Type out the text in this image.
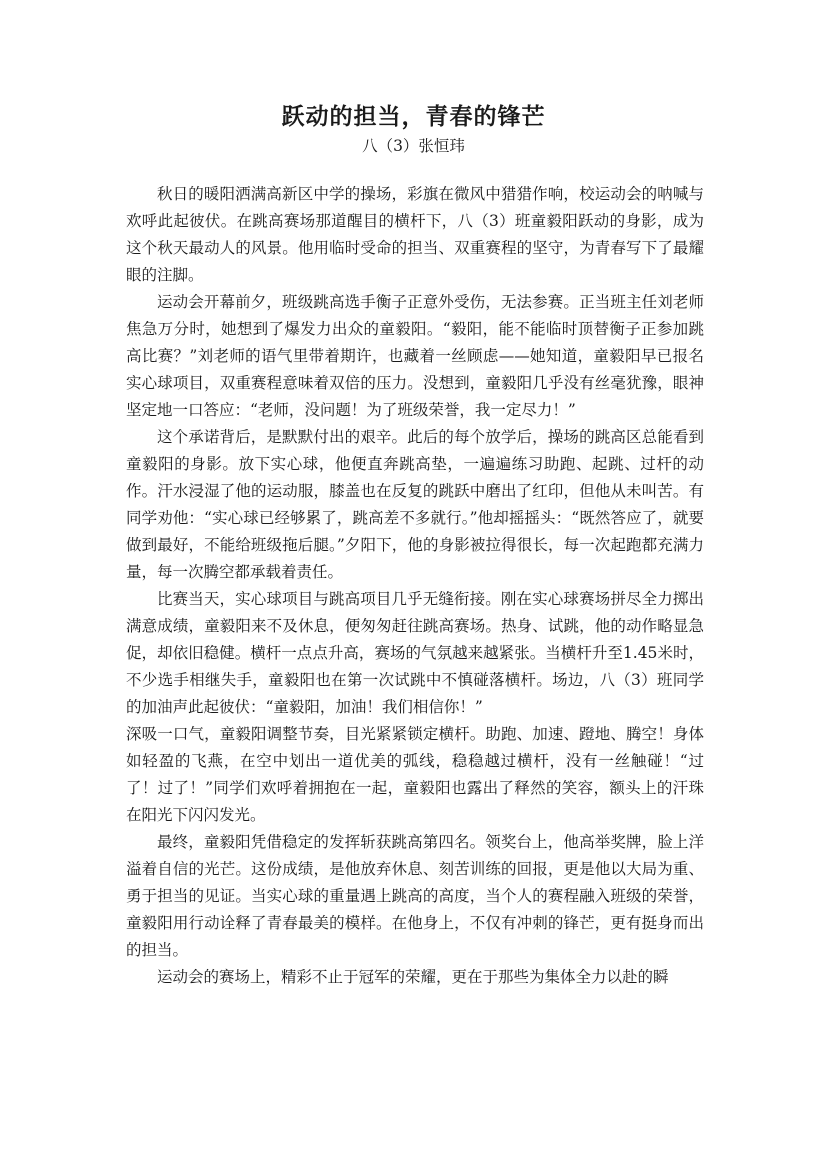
跃动的担当，青春的锋芒

八（3）张恒玮

秋日的暖阳洒满高新区中学的操场，彩旗在微风中猎猎作响，校运动会的呐喊与欢呼此起彼伏。在跳高赛场那道醒目的横杆下，八（3）班童毅阳跃动的身影，成为这个秋天最动人的风景。他用临时受命的担当、双重赛程的坚守，为青春写下了最耀眼的注脚。

运动会开幕前夕，班级跳高选手衡子正意外受伤，无法参赛。正当班主任刘老师焦急万分时，她想到了爆发力出众的童毅阳。“毅阳，能不能临时顶替衡子正参加跳高比赛？”刘老师的语气里带着期许，也藏着一丝顾虑——她知道，童毅阳早已报名实心球项目，双重赛程意味着双倍的压力。没想到，童毅阳几乎没有丝毫犹豫，眼神坚定地一口答应：“老师，没问题！为了班级荣誉，我一定尽力！”

这个承诺背后，是默默付出的艰辛。此后的每个放学后，操场的跳高区总能看到童毅阳的身影。放下实心球，他便直奔跳高垫，一遍遍练习助跑、起跳、过杆的动作。汗水浸湿了他的运动服，膝盖也在反复的跳跃中磨出了红印，但他从未叫苦。有同学劝他：“实心球已经够累了，跳高差不多就行。”他却摇摇头：“既然答应了，就要做到最好，不能给班级拖后腿。”夕阳下，他的身影被拉得很长，每一次起跑都充满力量，每一次腾空都承载着责任。

比赛当天，实心球项目与跳高项目几乎无缝衔接。刚在实心球赛场拼尽全力掷出满意成绩，童毅阳来不及休息，便匆匆赶往跳高赛场。热身、试跳，他的动作略显急促，却依旧稳健。横杆一点点升高，赛场的气氛越来越紧张。当横杆升至1.45米时，不少选手相继失手，童毅阳也在第一次试跳中不慎碰落横杆。场边，八（3）班同学的加油声此起彼伏：“童毅阳，加油！我们相信你！”

深吸一口气，童毅阳调整节奏，目光紧紧锁定横杆。助跑、加速、蹬地、腾空！身体如轻盈的飞燕，在空中划出一道优美的弧线，稳稳越过横杆，没有一丝触碰！“过了！过了！”同学们欢呼着拥抱在一起，童毅阳也露出了释然的笑容，额头上的汗珠在阳光下闪闪发光。

最终，童毅阳凭借稳定的发挥斩获跳高第四名。领奖台上，他高举奖牌，脸上洋溢着自信的光芒。这份成绩，是他放弃休息、刻苦训练的回报，更是他以大局为重、勇于担当的见证。当实心球的重量遇上跳高的高度，当个人的赛程融入班级的荣誉，童毅阳用行动诠释了青春最美的模样。在他身上，不仅有冲刺的锋芒，更有挺身而出的担当。

运动会的赛场上，精彩不止于冠军的荣耀，更在于那些为集体全力以赴的瞬
